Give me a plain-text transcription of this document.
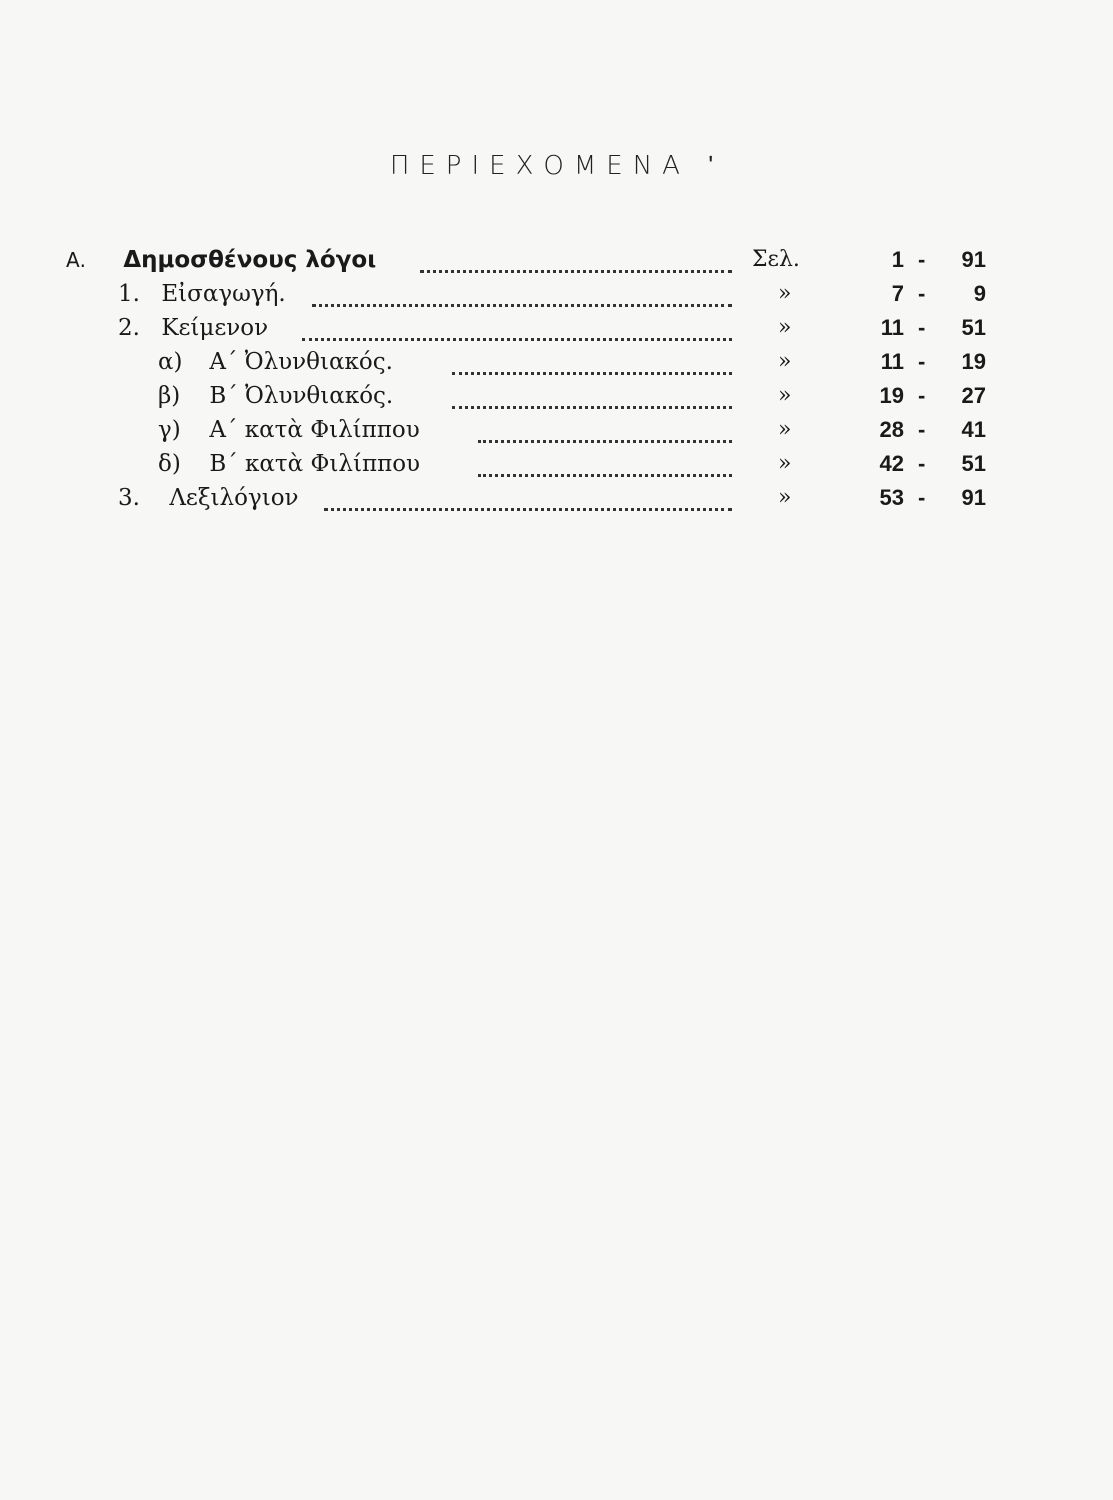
ΠΕΡΙΕΧΟΜΕΝΑ ʹ
Α. Δημοσθένους λόγοι	Σελ.	1 -	91
1. Εἰσαγωγή.	»	7 -	9
2. Κείμενον	»	11 -	51
α) Α΄ Ὀλυνθιακός.	»	11 -	19
β) Β΄ Ὀλυνθιακός.	»	19 -	27
γ) Α΄ κατὰ Φιλίππου	»	28 -	41
δ) Β΄ κατὰ Φιλίππου	»	42 -	51
3. Λεξιλόγιον	»	53 -	91
